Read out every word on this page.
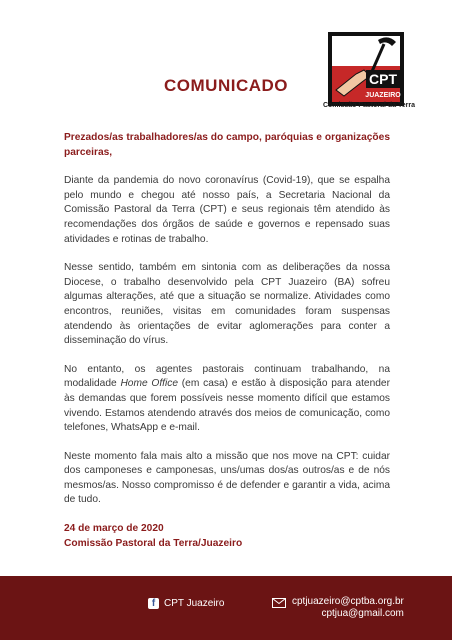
COMUNICADO	CPT
JUAZEIRO
Comissão Pastoral da Terra

Prezados/as trabalhadores/as do campo, paróquias e organizações parceiras,

Diante da pandemia do novo coronavírus (Covid-19), que se espalha pelo mundo e chegou até nosso país, a Secretaria Nacional da Comissão Pastoral da Terra (CPT) e seus regionais têm atendido às recomendações dos órgãos de saúde e governos e repensado suas atividades e rotinas de trabalho.

Nesse sentido, também em sintonia com as deliberações da nossa Diocese, o trabalho desenvolvido pela CPT Juazeiro (BA) sofreu algumas alterações, até que a situação se normalize. Atividades como encontros, reuniões, visitas em comunidades foram suspensas atendendo às orientações de evitar aglomerações para conter a disseminação do vírus.

No entanto, os agentes pastorais continuam trabalhando, na modalidade Home Office (em casa) e estão à disposição para atender às demandas que forem possíveis nesse momento difícil que estamos vivendo. Estamos atendendo através dos meios de comunicação, como telefones, WhatsApp e e-mail.

Neste momento fala mais alto a missão que nos move na CPT: cuidar dos camponeses e camponesas, uns/umas dos/as outros/as e de nós mesmos/as. Nosso compromisso é de defender e garantir a vida, acima de tudo.

24 de março de 2020
Comissão Pastoral da Terra/Juazeiro
f CPT Juazeiro	cptjuazeiro@cptba.org.br
cptjua@gmail.com
